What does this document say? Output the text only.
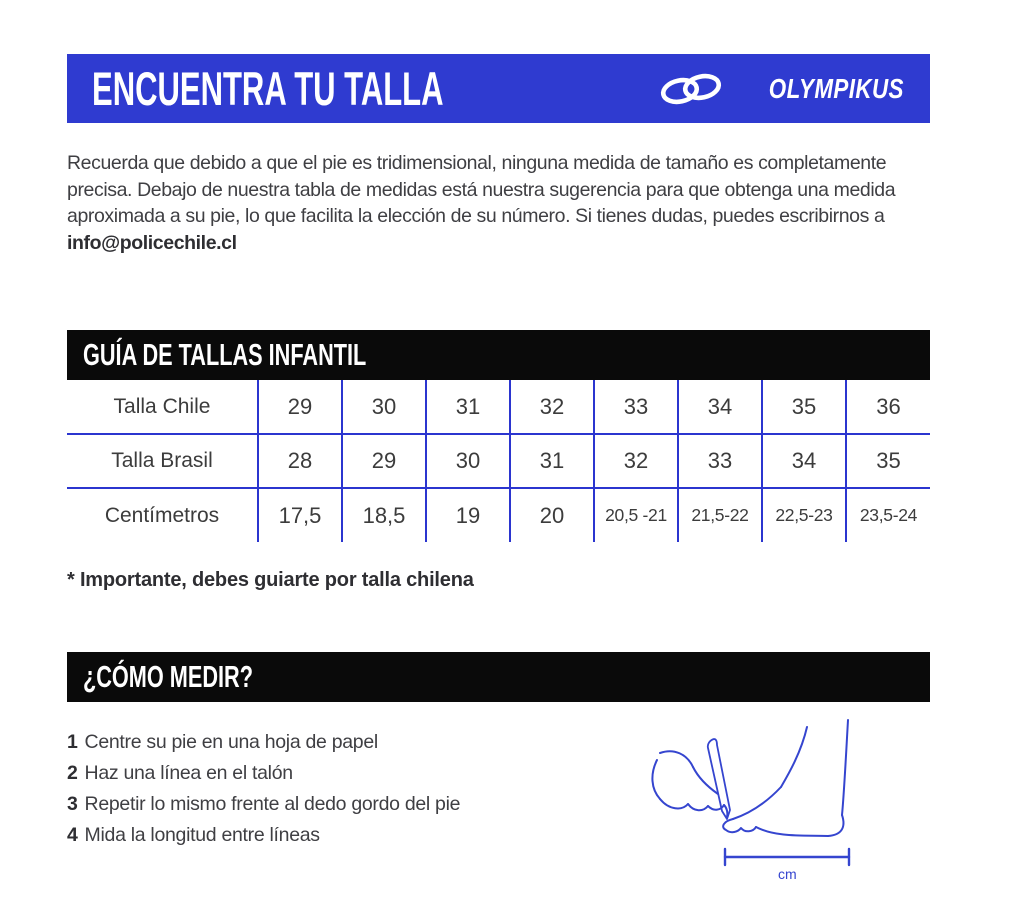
ENCUENTRA TU TALLA	OLYMPIKUS

Recuerda que debido a que el pie es tridimensional, ninguna medida de tamaño es completamente precisa. Debajo de nuestra tabla de medidas está nuestra sugerencia para que obtenga una medida aproximada a su pie, lo que facilita la elección de su número. Si tienes dudas, puedes escribirnos a info@policechile.cl

GUÍA DE TALLAS INFANTIL
Talla Chile	29	30	31	32	33	34	35	36
Talla Brasil	28	29	30	31	32	33	34	35
Centímetros	17,5	18,5	19	20	20,5 -21	21,5-22	22,5-23	23,5-24

* Importante, debes guiarte por talla chilena

¿CÓMO MEDIR?
1 Centre su pie en una hoja de papel
2 Haz una línea en el talón
3 Repetir lo mismo frente al dedo gordo del pie
4 Mida la longitud entre líneas
cm
